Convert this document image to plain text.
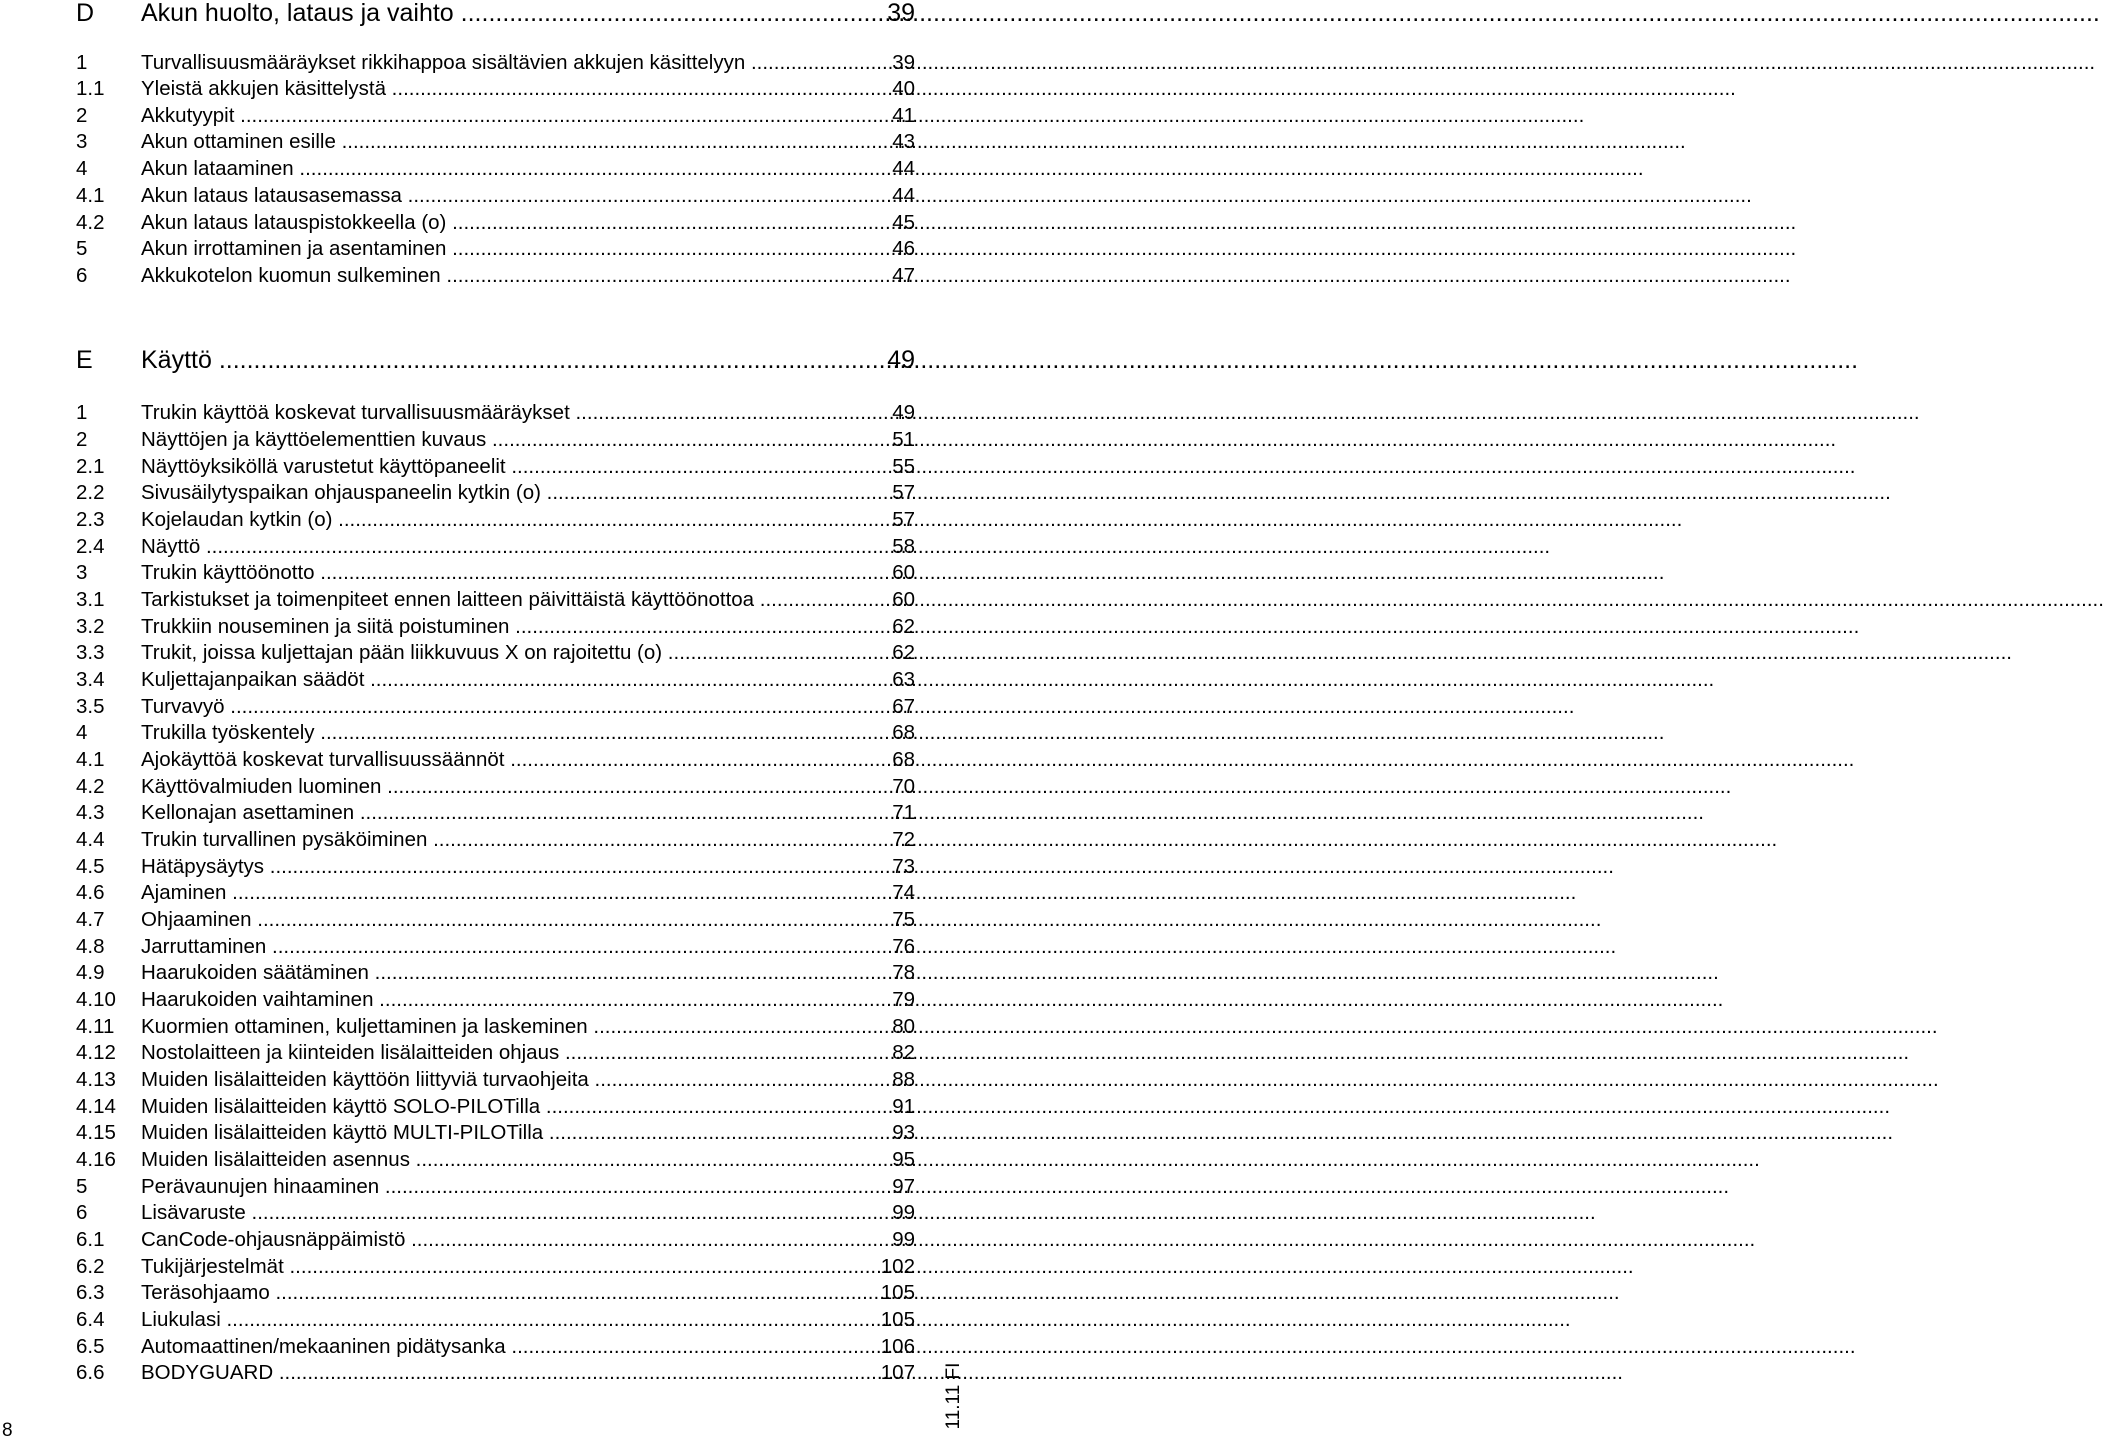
D Akun huolto, lataus ja vaihto .....	39
1	Turvallisuusmääräykset rikkihappoa sisältävien akkujen käsittelyyn .....	39
1.1 Yleistä akkujen käsittelystä .....	40
2	Akkutyypit .....	41
3	Akun ottaminen esille .....	43
4	Akun lataaminen .....	44
4.1 Akun lataus latausasemassa .....	44
4.2 Akun lataus latauspistokkeella (o) .....	45
5	Akun irrottaminen ja asentaminen .....	46
6	Akkukotelon kuomun sulkeminen .....	47
E Käyttö .....	49
1	Trukin käyttöä koskevat turvallisuusmääräykset .....	49
2	Näyttöjen ja käyttöelementtien kuvaus .....	51
2.1 Näyttöyksiköllä varustetut käyttöpaneelit .....	55
2.2 Sivusäilytyspaikan ohjauspaneelin kytkin (o) .....	57
2.3 Kojelaudan kytkin (o) .....	57
2.4 Näyttö .....	58
3	Trukin käyttöönotto .....	60
3.1 Tarkistukset ja toimenpiteet ennen laitteen päivittäistä käyttöönottoa .....	60
3.2 Trukkiin nouseminen ja siitä poistuminen .....	62
3.3 Trukit, joissa kuljettajan pään liikkuvuus X on rajoitettu (o) .....	62
3.4 Kuljettajanpaikan säädöt .....	63
3.5 Turvavyö .....	67
4	Trukilla työskentely .....	68
4.1 Ajokäyttöä koskevat turvallisuussäännöt .....	68
4.2 Käyttövalmiuden luominen .....	70
4.3 Kellonajan asettaminen .....	71
4.4 Trukin turvallinen pysäköiminen .....	72
4.5 Hätäpysäytys .....	73
4.6 Ajaminen .....	74
4.7 Ohjaaminen .....	75
4.8 Jarruttaminen .....	76
4.9 Haarukoiden säätäminen .....	78
4.10 Haarukoiden vaihtaminen .....	79
4.11 Kuormien ottaminen, kuljettaminen ja laskeminen .....	80
4.12 Nostolaitteen ja kiinteiden lisälaitteiden ohjaus .....	82
4.13 Muiden lisälaitteiden käyttöön liittyviä turvaohjeita .....	88
4.14 Muiden lisälaitteiden käyttö SOLO-PILOTilla .....	91
4.15 Muiden lisälaitteiden käyttö MULTI-PILOTilla .....	93
4.16 Muiden lisälaitteiden asennus .....	95
5	Perävaunujen hinaaminen .....	97
6	Lisävaruste .....	99
6.1 CanCode-ohjausnäppäimistö .....	99
6.2 Tukijärjestelmät .....	102
6.3 Teräsohjaamo .....	105
6.4 Liukulasi .....	105
6.5 Automaattinen/mekaaninen pidätysanka .....	106
6.6 BODYGUARD .....	107 11.11 FI
8
